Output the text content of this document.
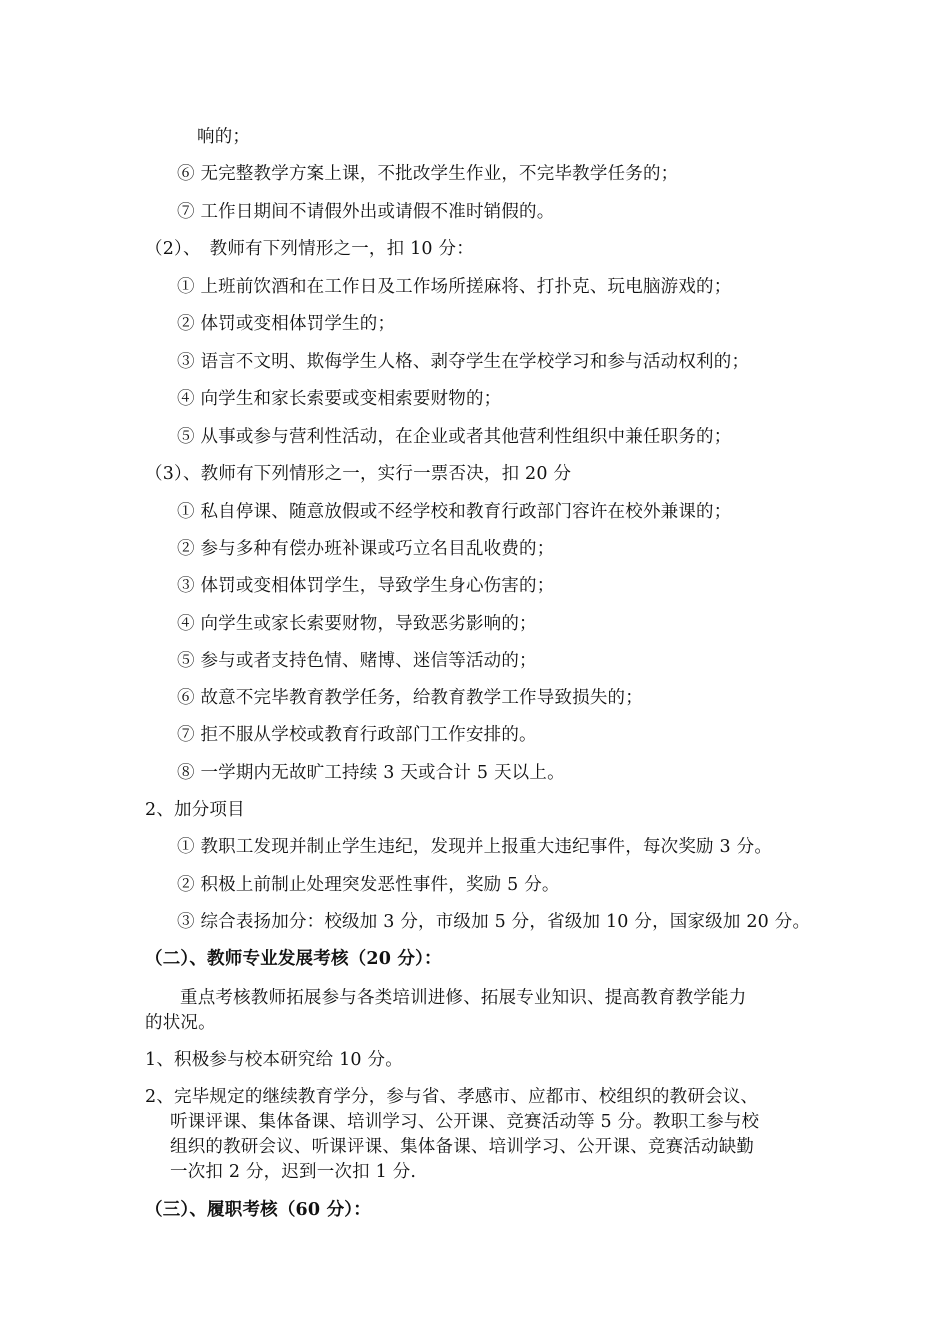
响的；
⑥ 无完整教学方案上课，不批改学生作业，不完毕教学任务的；
⑦ 工作日期间不请假外出或请假不准时销假的。
（2）、　教师有下列情形之一，扣 10 分：
① 上班前饮酒和在工作日及工作场所搓麻将、打扑克、玩电脑游戏的；
② 体罚或变相体罚学生的；
③ 语言不文明、欺侮学生人格、剥夺学生在学校学习和参与活动权利的；
④ 向学生和家长索要或变相索要财物的；
⑤ 从事或参与营利性活动，在企业或者其他营利性组织中兼任职务的；
（3）、教师有下列情形之一，实行一票否决，扣 20 分
① 私自停课、随意放假或不经学校和教育行政部门容许在校外兼课的；
② 参与多种有偿办班补课或巧立名目乱收费的；
③ 体罚或变相体罚学生，导致学生身心伤害的；
④ 向学生或家长索要财物，导致恶劣影响的；
⑤ 参与或者支持色情、赌博、迷信等活动的；
⑥ 故意不完毕教育教学任务，给教育教学工作导致损失的；
⑦ 拒不服从学校或教育行政部门工作安排的。
⑧ 一学期内无故旷工持续 3 天或合计 5 天以上。
2、加分项目
① 教职工发现并制止学生违纪，发现并上报重大违纪事件，每次奖励 3 分。
② 积极上前制止处理突发恶性事件，奖励 5 分。
③ 综合表扬加分：校级加 3 分，市级加 5 分，省级加 10 分，国家级加 20 分。
（二）、教师专业发展考核（20 分）：
重点考核教师拓展参与各类培训进修、拓展专业知识、提高教育教学能力
的状况。
1、积极参与校本研究给 10 分。
2、完毕规定的继续教育学分，参与省、孝感市、应都市、校组织的教研会议、
听课评课、集体备课、培训学习、公开课、竞赛活动等 5 分。教职工参与校
组织的教研会议、听课评课、集体备课、培训学习、公开课、竞赛活动缺勤
一次扣 2 分，迟到一次扣 1 分.
（三）、履职考核（60 分）：
